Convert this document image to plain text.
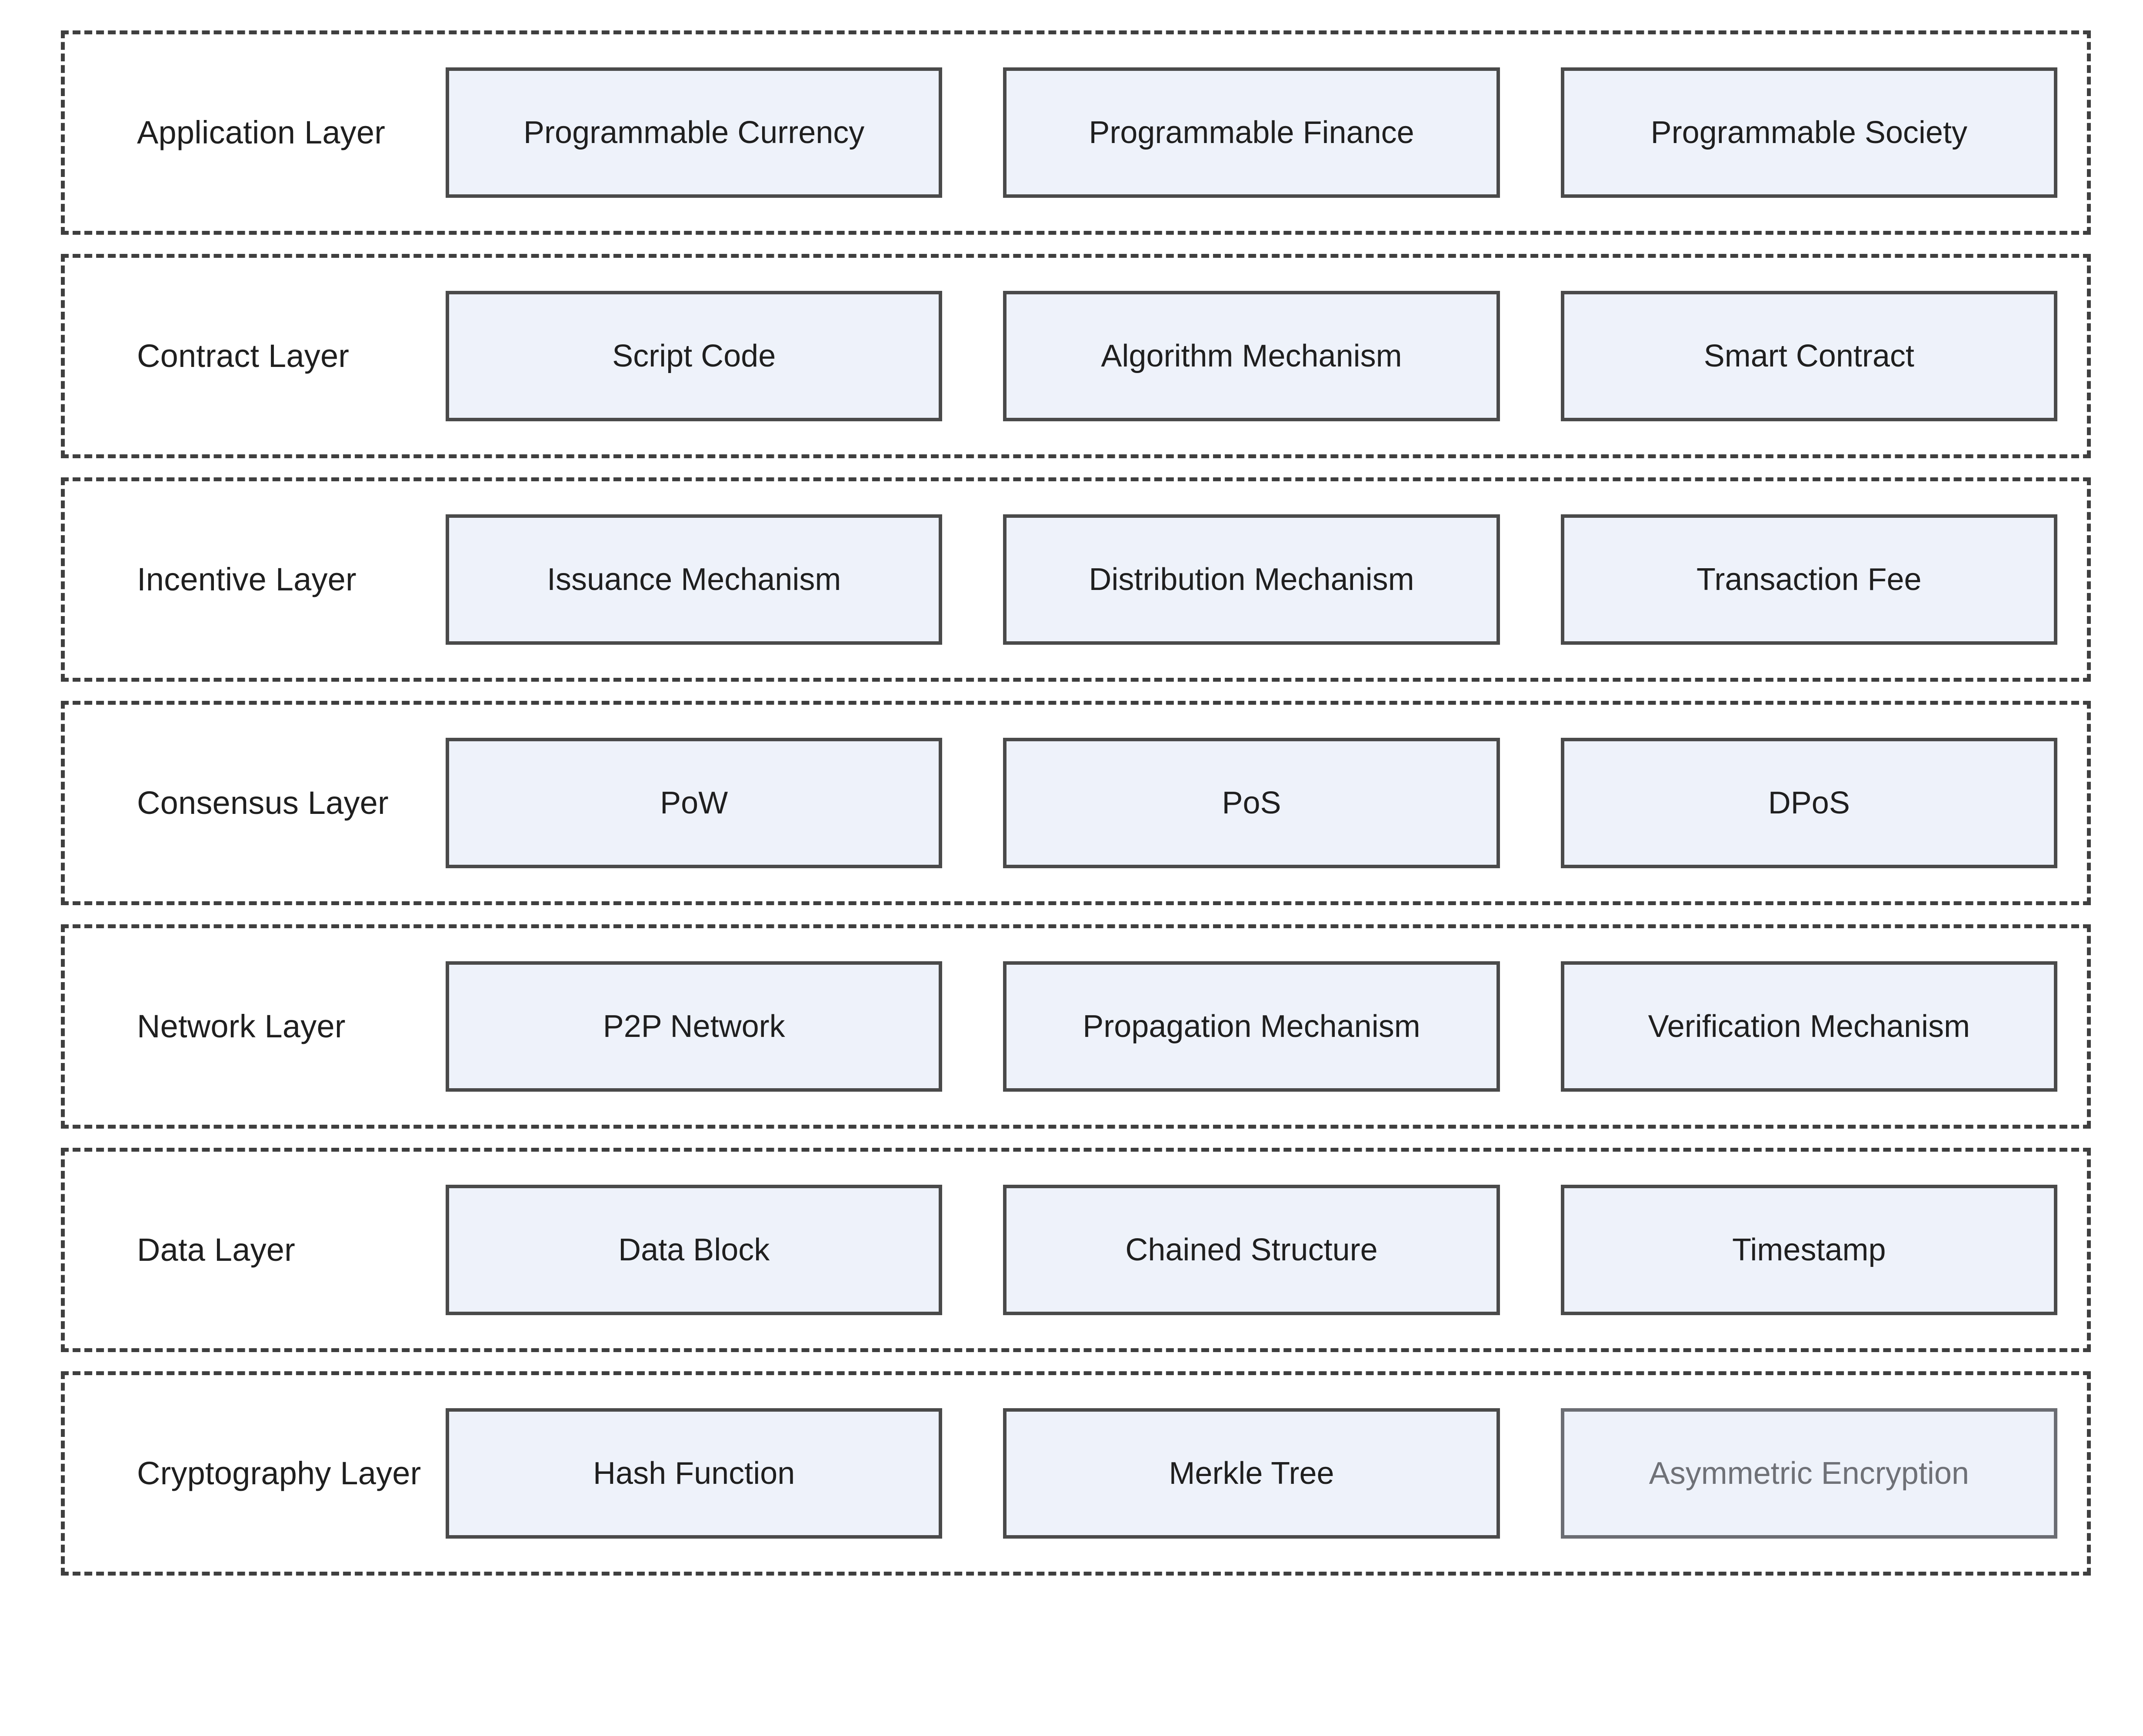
Application Layer	Programmable Currency	Programmable Finance	Programmable Society
Contract Layer	Script Code	Algorithm Mechanism	Smart Contract
Incentive Layer	Issuance Mechanism	Distribution Mechanism	Transaction Fee
Consensus Layer	PoW	PoS	DPoS
Network Layer	P2P Network	Propagation Mechanism	Verification Mechanism
Data Layer	Data Block	Chained Structure	Timestamp
Cryptography Layer	Hash Function	Merkle Tree	Asymmetric Encryption
